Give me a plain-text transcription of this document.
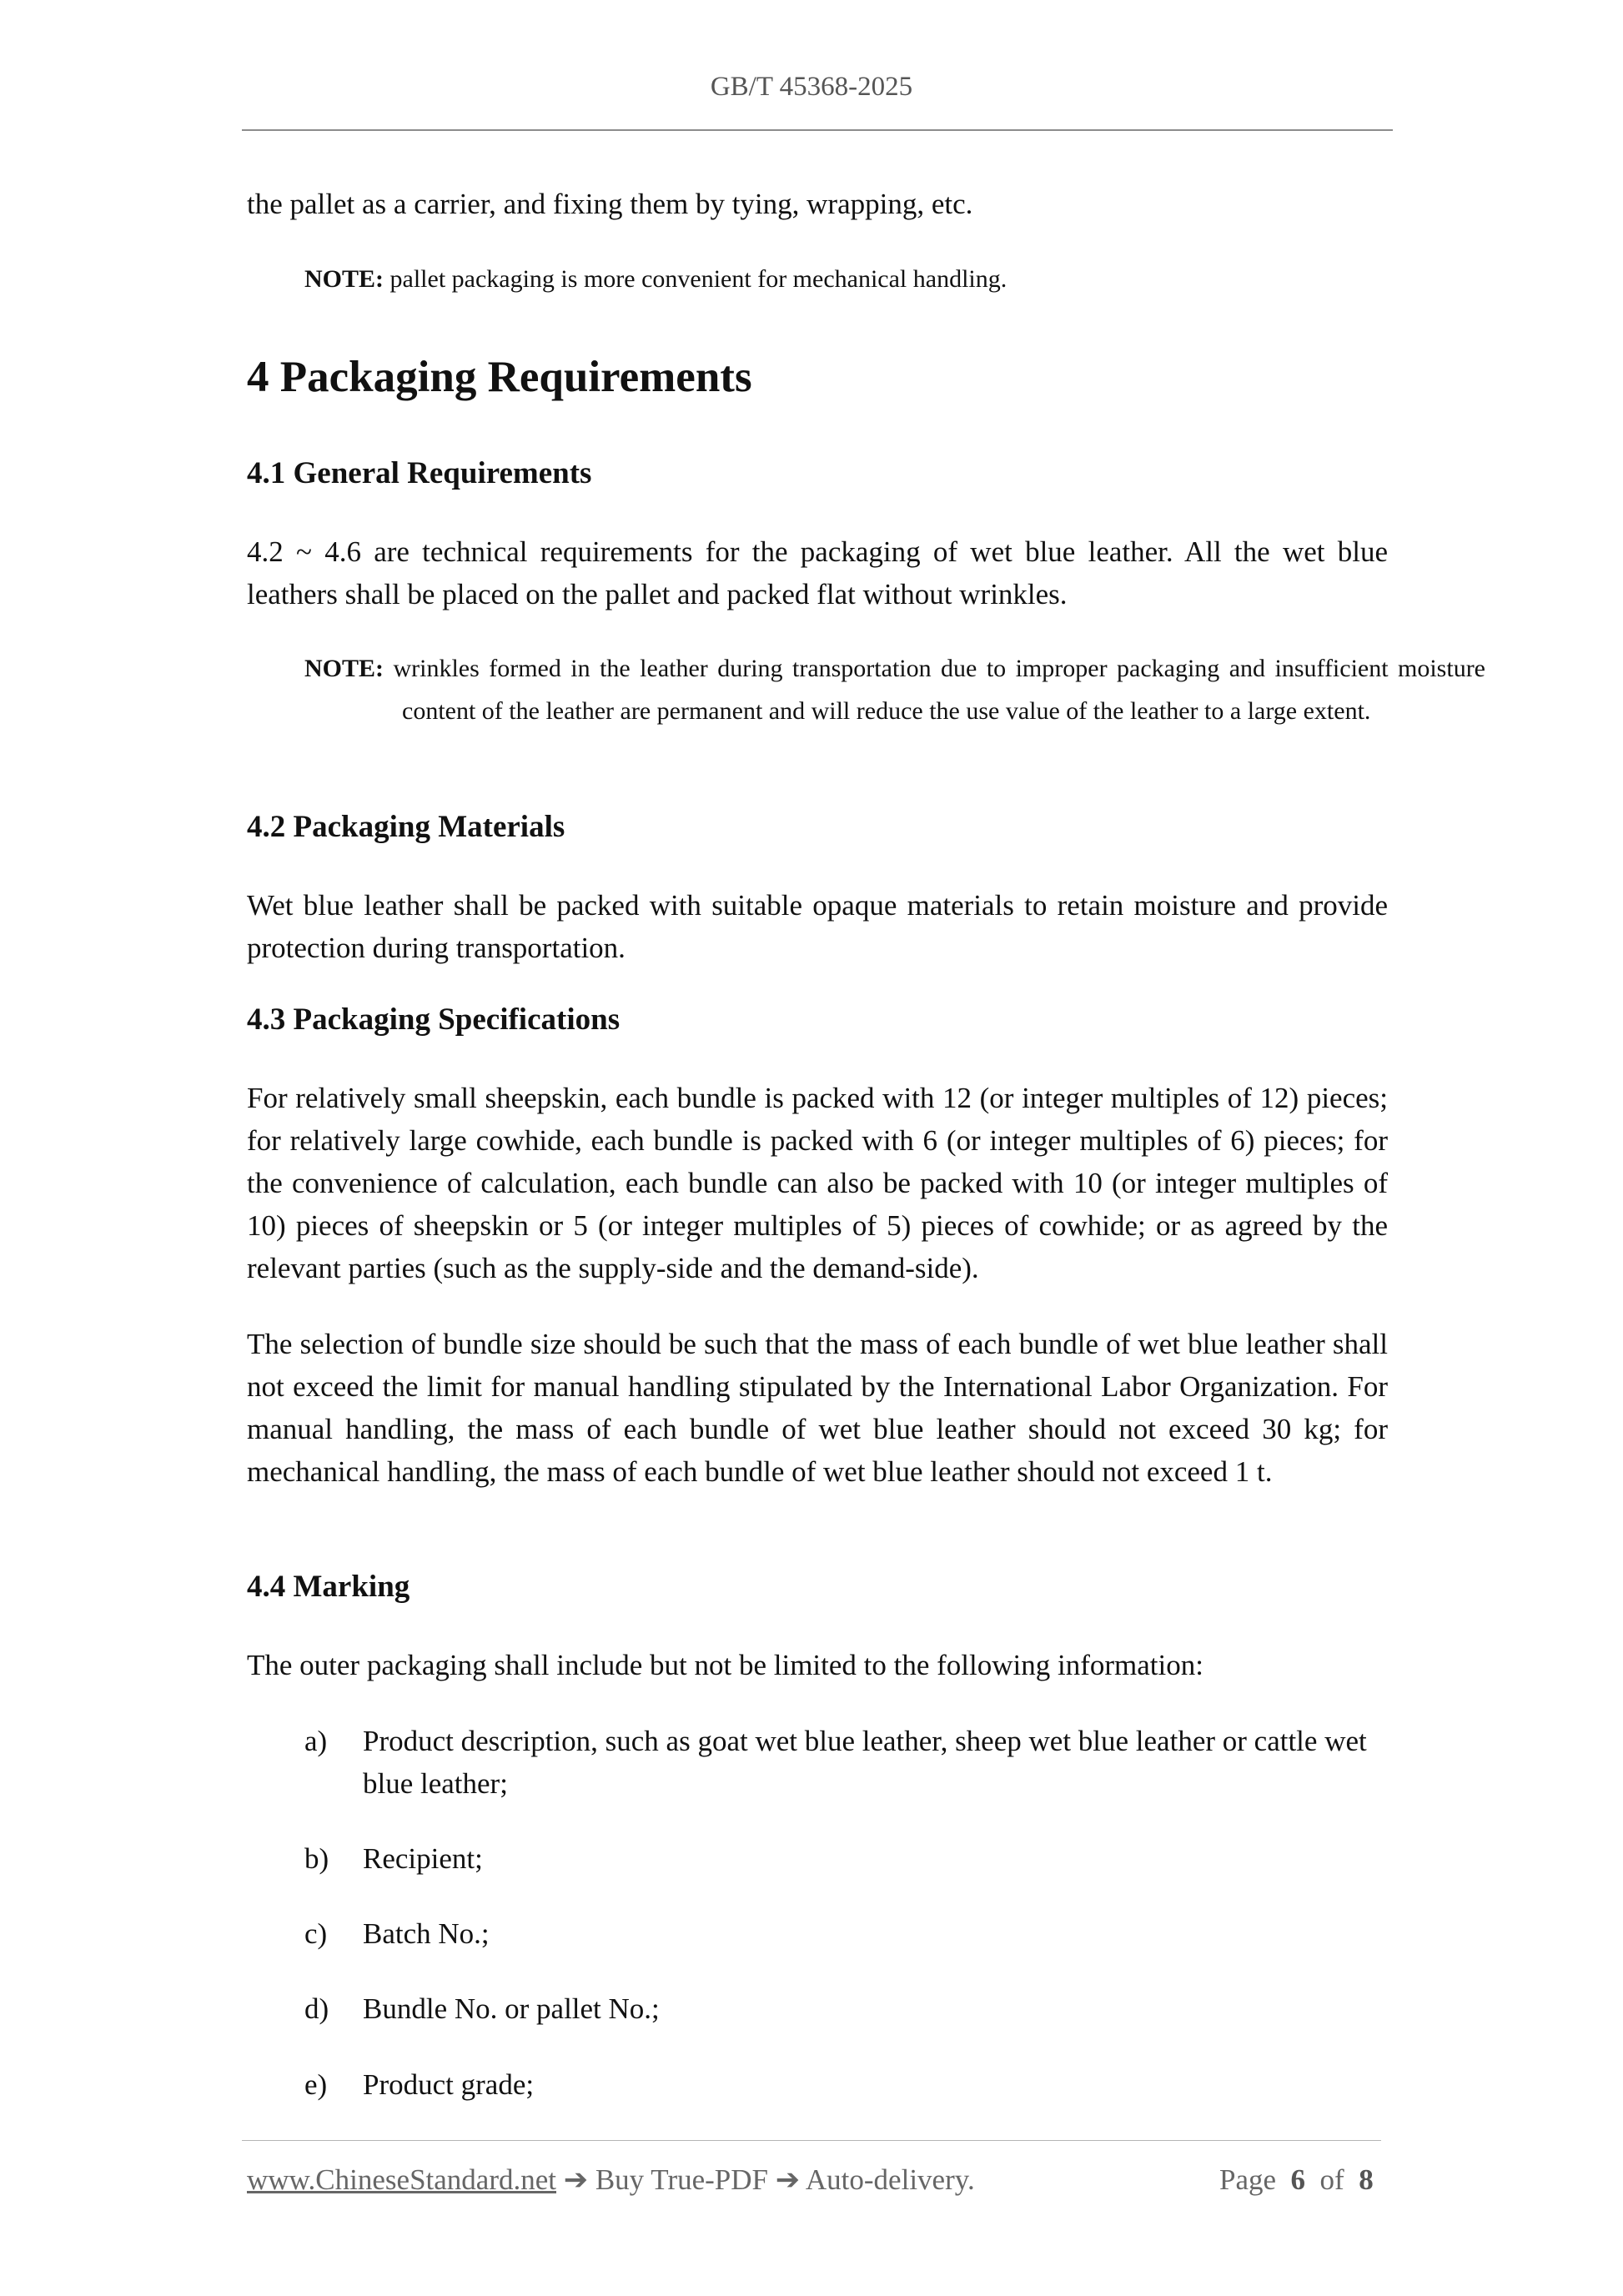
GB/T 45368-2025
the pallet as a carrier, and fixing them by tying, wrapping, etc.
NOTE: pallet packaging is more convenient for mechanical handling.
4 Packaging Requirements
4.1 General Requirements
4.2 ~ 4.6 are technical requirements for the packaging of wet blue leather. All the wet blue leathers shall be placed on the pallet and packed flat without wrinkles.
NOTE: wrinkles formed in the leather during transportation due to improper packaging and insufficient moisture content of the leather are permanent and will reduce the use value of the leather to a large extent.
4.2 Packaging Materials
Wet blue leather shall be packed with suitable opaque materials to retain moisture and provide protection during transportation.
4.3 Packaging Specifications
For relatively small sheepskin, each bundle is packed with 12 (or integer multiples of 12) pieces; for relatively large cowhide, each bundle is packed with 6 (or integer multiples of 6) pieces; for the convenience of calculation, each bundle can also be packed with 10 (or integer multiples of 10) pieces of sheepskin or 5 (or integer multiples of 5) pieces of cowhide; or as agreed by the relevant parties (such as the supply-side and the demand-side).
The selection of bundle size should be such that the mass of each bundle of wet blue leather shall not exceed the limit for manual handling stipulated by the International Labor Organization. For manual handling, the mass of each bundle of wet blue leather should not exceed 30 kg; for mechanical handling, the mass of each bundle of wet blue leather should not exceed 1 t.
4.4 Marking
The outer packaging shall include but not be limited to the following information:
a) Product description, such as goat wet blue leather, sheep wet blue leather or cattle wet blue leather;
b) Recipient;
c) Batch No.;
d) Bundle No. or pallet No.;
e) Product grade;
www.ChineseStandard.net ➔ Buy True-PDF ➔ Auto-delivery.	Page 6 of 8
